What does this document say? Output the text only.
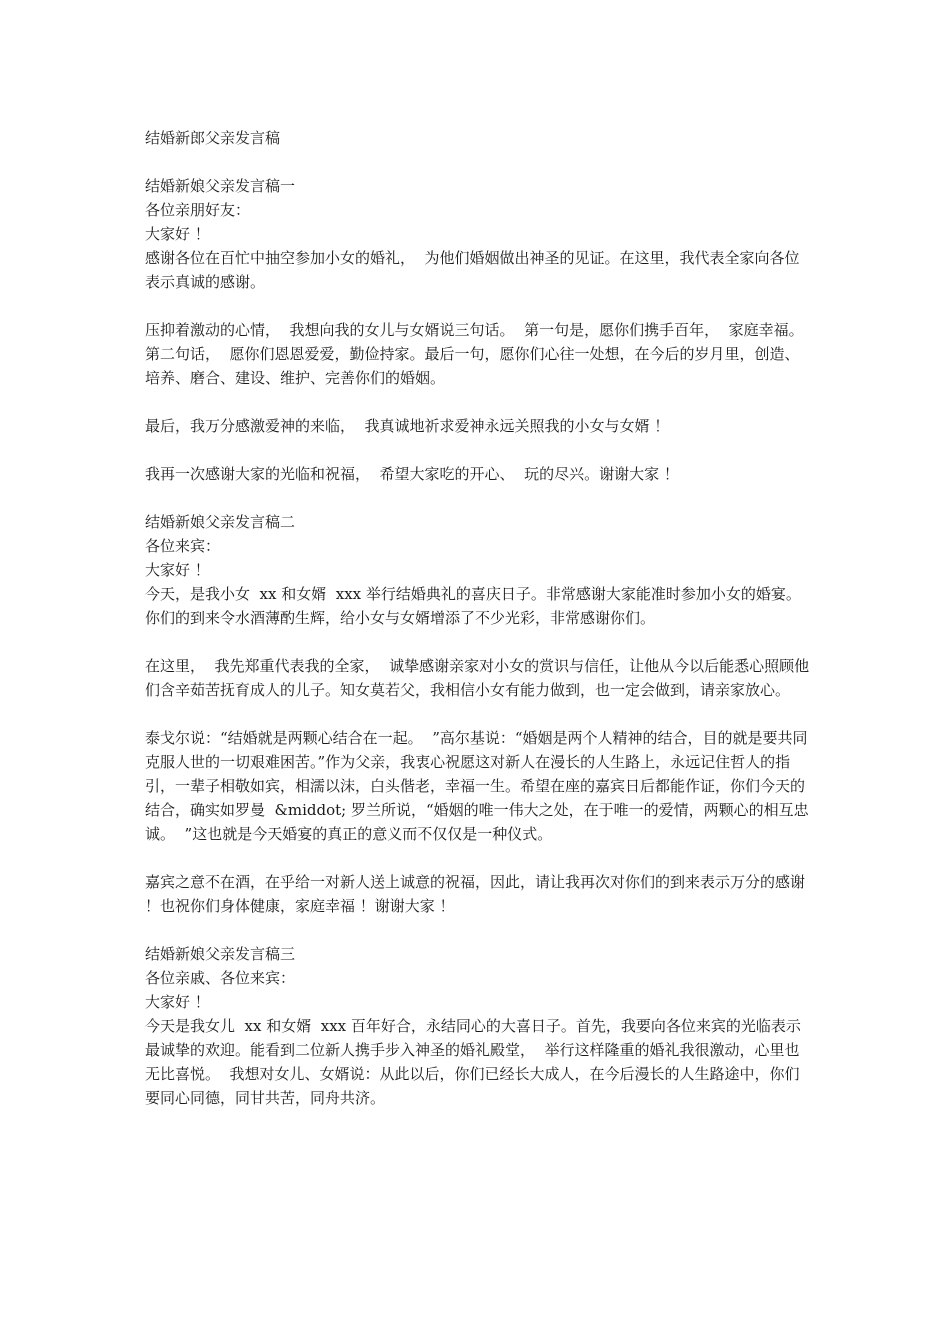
结婚新郎父亲发言稿
结婚新娘父亲发言稿一
各位亲朋好友：
大家好 ！
感谢各位在百忙中抽空参加小女的婚礼，  为他们婚姻做出神圣的见证。在这里，我代表全家向各位表示真诚的感谢。
压抑着激动的心情，  我想向我的女儿与女婿说三句话。  第一句是，愿你们携手百年，  家庭幸福。第二句话，  愿你们恩恩爱爱，勤俭持家。最后一句，愿你们心往一处想，在今后的岁月里，创造、培养、磨合、建设、维护、完善你们的婚姻。
最后，我万分感激爱神的来临，  我真诚地祈求爱神永远关照我的小女与女婿 ！
我再一次感谢大家的光临和祝福，  希望大家吃的开心、  玩的尽兴。谢谢大家 ！
结婚新娘父亲发言稿二
各位来宾：
大家好 ！
今天，是我小女  xx 和女婿  xxx 举行结婚典礼的喜庆日子。非常感谢大家能准时参加小女的婚宴。  你们的到来令水酒薄酌生辉，给小女与女婿增添了不少光彩，非常感谢你们。
在这里，  我先郑重代表我的全家，  诚挚感谢亲家对小女的赏识与信任，让他从今以后能悉心照顾他们含辛茹苦抚育成人的儿子。知女莫若父，我相信小女有能力做到，也一定会做到，请亲家放心。
泰戈尔说：“结婚就是两颗心结合在一起。  ”高尔基说：“婚姻是两个人精神的结合，目的就是要共同克服人世的一切艰难困苦。”作为父亲，我衷心祝愿这对新人在漫长的人生路上，永远记住哲人的指引，一辈子相敬如宾，相濡以沫，白头偕老，幸福一生。希望在座的嘉宾日后都能作证，你们今天的结合，确实如罗曼  &middot; 罗兰所说，“婚姻的唯一伟大之处，在于唯一的爱情，两颗心的相互忠诚。  ”这也就是今天婚宴的真正的意义而不仅仅是一种仪式。
嘉宾之意不在酒，在乎给一对新人送上诚意的祝福，因此，请让我再次对你们的到来表示万分的感谢 ！也祝你们身体健康，家庭幸福 ！谢谢大家 ！
结婚新娘父亲发言稿三
各位亲戚、各位来宾：
大家好 ！
今天是我女儿  xx 和女婿  xxx 百年好合，永结同心的大喜日子。首先，我要向各位来宾的光临表示最诚挚的欢迎。能看到二位新人携手步入神圣的婚礼殿堂，  举行这样隆重的婚礼我很激动，心里也无比喜悦。  我想对女儿、女婿说：从此以后，你们已经长大成人，在今后漫长的人生路途中，你们要同心同德，同甘共苦，同舟共济。
